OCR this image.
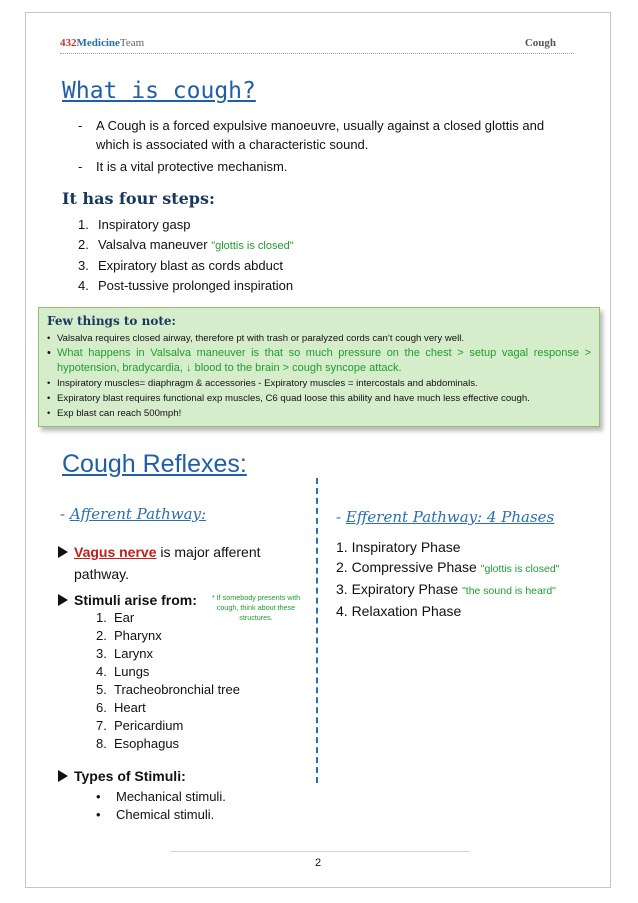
432MedicineTeam	Cough
What is cough?
-	A Cough is a forced expulsive manoeuvre, usually against a closed glottis and which is associated with a characteristic sound.
-	It is a vital protective mechanism.
It has four steps:
1. Inspiratory gasp
2. Valsalva maneuver "glottis is closed"
3. Expiratory blast as cords abduct
4. Post-tussive prolonged inspiration
Few things to note:
• Valsalva requires closed airway, therefore pt with trash or paralyzed cords can’t cough very well.
• What happens in Valsalva maneuver is that so much pressure on the chest > setup vagal response > hypotension, bradycardia, ↓ blood to the brain > cough syncope attack.
• Inspiratory muscles= diaphragm & accessories - Expiratory muscles = intercostals and abdominals.
• Expiratory blast requires functional exp muscles, C6 quad loose this ability and have much less effective cough.
• Exp blast can reach 500mph!
Cough Reflexes:
- Afferent Pathway:	- Efferent Pathway: 4 Phases
Vagus nerve is major afferent
pathway.
Stimuli arise from: * If somebody presents with cough, think about these structures.
1. Ear
2. Pharynx
3. Larynx
4. Lungs
5. Tracheobronchial tree
6. Heart
7. Pericardium
8. Esophagus
Types of Stimuli:
• Mechanical stimuli.
• Chemical stimuli.
1. Inspiratory Phase
2. Compressive Phase "glottis is closed"
3. Expiratory Phase "the sound is heard"
4. Relaxation Phase
2
